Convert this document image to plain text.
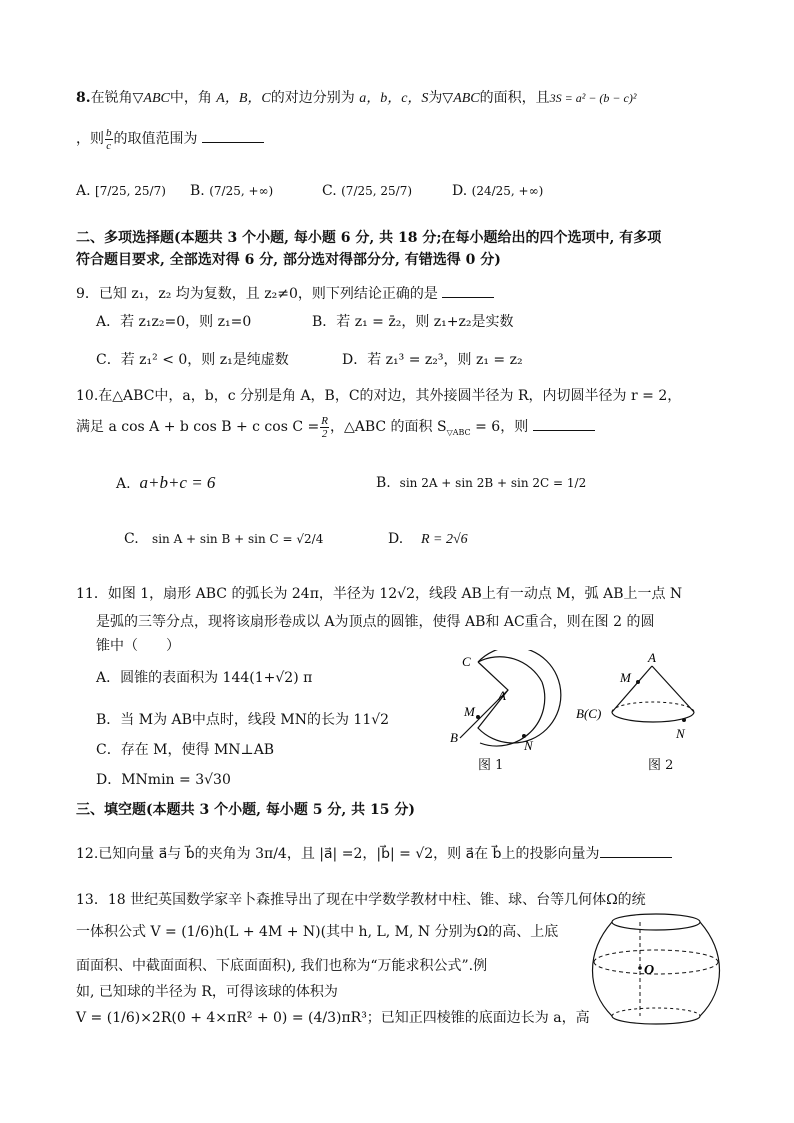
8.在锐角▽ABC中，角 A，B，C的对边分别为 a，b，c，S为▽ABC的面积，且3S = a² − (b − c)²
，则 $\frac{b}{c}$ 的取值范围为
A. [7/25, 25/7) B. (7/25, +∞)	C. (7/25, 25/7)	D. (24/25, +∞)
二、多项选择题(本题共 3 个小题, 每小题 6 分, 共 18 分;在每小题给出的四个选项中, 有多项
符合题目要求, 全部选对得 6 分, 部分选对得部分分, 有错选得 0 分)
9．已知 z₁，z₂ 均为复数，且 z₂≠0，则下列结论正确的是
A．若 z₁z₂=0，则 z₁=0	B．若 z₁ = z̄₂，则 z₁+z₂是实数
C．若 z₁² < 0，则 z₁是纯虚数	D．若 z₁³ = z₂³，则 z₁ = z₂
10.在△ABC中，a，b，c 分别是角 A，B，C的对边，其外接圆半径为 R，内切圆半径为 r = 2，
满足 a cos A + b cos B + c $\cos C = \frac{R}{2}$ ，△ABC 的面积 $S_{▽ABC} = 6$，则
A. a+b+c = 6	B. sin 2A + sin 2B + sin 2C = 1/2
C. sin A + sin B + sin C = √2/4	D. R = 2√6
11．如图 1，扇形 ABC 的弧长为 24π，半径为 12√2，线段 AB上有一动点 M，弧 AB上一点 N
是弧的三等分点，现将该扇形卷成以 A为顶点的圆锥，使得 AB和 AC重合，则在图 2 的圆
锥中（　　）
A．圆锥的表面积为 144(1+√2) π
B．当 M为 AB中点时，线段 MN的长为 11√2
C．存在 M，使得 MN⊥AB
D．MNmin = 3√30
C
A
M
B
N
图 1
A
M
B(C)
N
图 2
三、填空题(本题共 3 个小题, 每小题 5 分, 共 15 分)
12.已知向量 a⃗与 b⃗的夹角为 3π/4，且 |a⃗| =2，|b⃗| = √2，则 a⃗在 b⃗上的投影向量为
13．18 世纪英国数学家辛卜森推导出了现在中学数学教材中柱、锥、球、台等几何体Ω的统
一体积公式 V = (1/6)h(L + 4M + N)(其中 h, L, M, N 分别为Ω的高、上底
面面积、中截面面积、下底面面积), 我们也称为“万能求积公式”.例
如, 已知球的半径为 R，可得该球的体积为
V = (1/6)×2R(0 + 4×πR² + 0) = (4/3)πR³；已知正四棱锥的底面边长为 a，高
O
